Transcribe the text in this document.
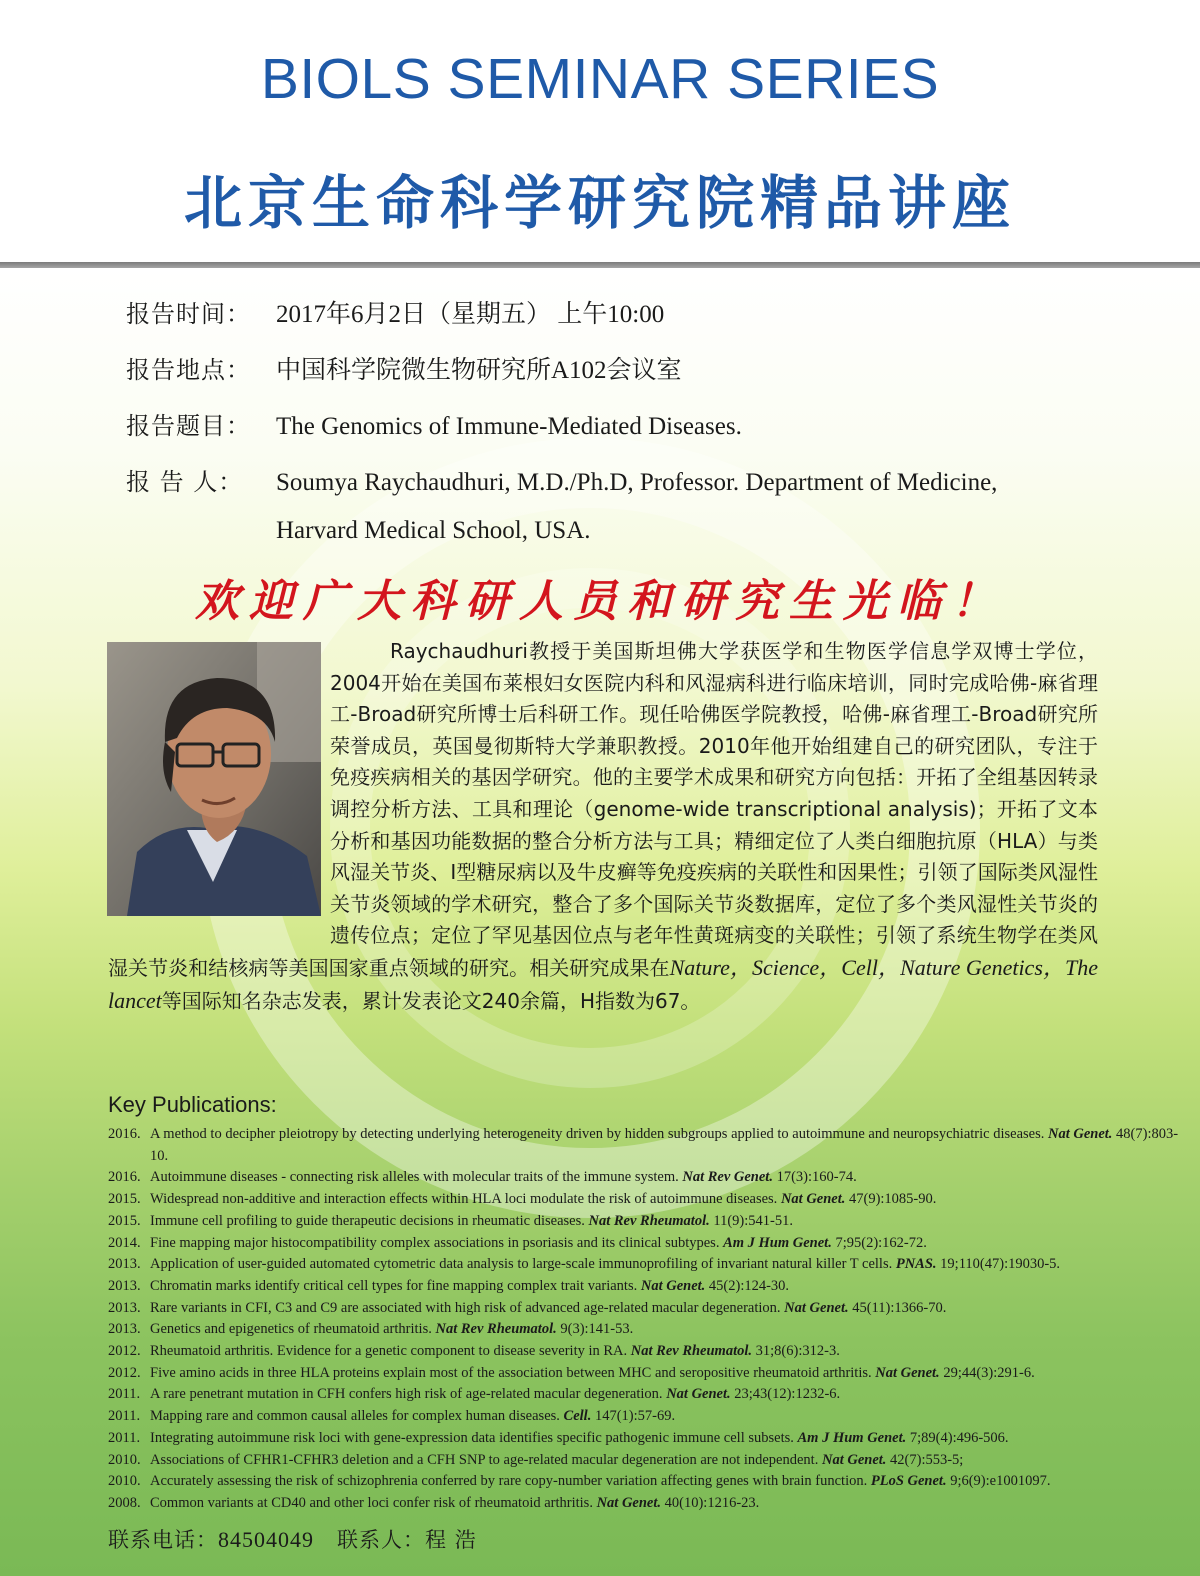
BIOLS SEMINAR SERIES
北京生命科学研究院精品讲座
报告时间： 2017年6月2日（星期五） 上午10:00
报告地点： 中国科学院微生物研究所A102会议室
报告题目： The Genomics of Immune-Mediated Diseases.
报 告 人： Soumya Raychaudhuri, M.D./Ph.D, Professor. Department of Medicine,
Harvard Medical School, USA.
欢迎广大科研人员和研究生光临！
Raychaudhuri教授于美国斯坦佛大学获医学和生物医学信息学双博士学位，2004开始在美国布莱根妇女医院内科和风湿病科进行临床培训，同时完成哈佛-麻省理工-Broad研究所博士后科研工作。现任哈佛医学院教授，哈佛-麻省理工-Broad研究所荣誉成员，英国曼彻斯特大学兼职教授。2010年他开始组建自己的研究团队，专注于免疫疾病相关的基因学研究。他的主要学术成果和研究方向包括：开拓了全组基因转录调控分析方法、工具和理论（genome-wide transcriptional analysis)；开拓了文本分析和基因功能数据的整合分析方法与工具；精细定位了人类白细胞抗原（HLA）与类风湿关节炎、I型糖尿病以及牛皮癣等免疫疾病的关联性和因果性；引领了国际类风湿性关节炎领域的学术研究，整合了多个国际关节炎数据库，定位了多个类风湿性关节炎的遗传位点；定位了罕见基因位点与老年性黄斑病变的关联性；引领了系统生物学在类风湿关节炎和结核病等美国国家重点领域的研究。相关研究成果在Nature，Science，Cell，Nature Genetics，The lancet等国际知名杂志发表，累计发表论文240余篇，H指数为67。
Key Publications:
2016. A method to decipher pleiotropy by detecting underlying heterogeneity driven by hidden subgroups applied to autoimmune and neuropsychiatric diseases. Nat Genet. 48(7):803-10.
2016. Autoimmune diseases - connecting risk alleles with molecular traits of the immune system. Nat Rev Genet. 17(3):160-74.
2015. Widespread non-additive and interaction effects within HLA loci modulate the risk of autoimmune diseases. Nat Genet. 47(9):1085-90.
2015. Immune cell profiling to guide therapeutic decisions in rheumatic diseases. Nat Rev Rheumatol. 11(9):541-51.
2014. Fine mapping major histocompatibility complex associations in psoriasis and its clinical subtypes. Am J Hum Genet. 7;95(2):162-72.
2013. Application of user-guided automated cytometric data analysis to large-scale immunoprofiling of invariant natural killer T cells. PNAS. 19;110(47):19030-5.
2013. Chromatin marks identify critical cell types for fine mapping complex trait variants. Nat Genet. 45(2):124-30.
2013. Rare variants in CFI, C3 and C9 are associated with high risk of advanced age-related macular degeneration. Nat Genet. 45(11):1366-70.
2013. Genetics and epigenetics of rheumatoid arthritis. Nat Rev Rheumatol. 9(3):141-53.
2012. Rheumatoid arthritis. Evidence for a genetic component to disease severity in RA. Nat Rev Rheumatol. 31;8(6):312-3.
2012. Five amino acids in three HLA proteins explain most of the association between MHC and seropositive rheumatoid arthritis. Nat Genet. 29;44(3):291-6.
2011. A rare penetrant mutation in CFH confers high risk of age-related macular degeneration. Nat Genet. 23;43(12):1232-6.
2011. Mapping rare and common causal alleles for complex human diseases. Cell. 147(1):57-69.
2011. Integrating autoimmune risk loci with gene-expression data identifies specific pathogenic immune cell subsets. Am J Hum Genet. 7;89(4):496-506.
2010. Associations of CFHR1-CFHR3 deletion and a CFH SNP to age-related macular degeneration are not independent. Nat Genet. 42(7):553-5;
2010. Accurately assessing the risk of schizophrenia conferred by rare copy-number variation affecting genes with brain function. PLoS Genet. 9;6(9):e1001097.
2008. Common variants at CD40 and other loci confer risk of rheumatoid arthritis. Nat Genet. 40(10):1216-23.
联系电话：84504049 联系人：程 浩
